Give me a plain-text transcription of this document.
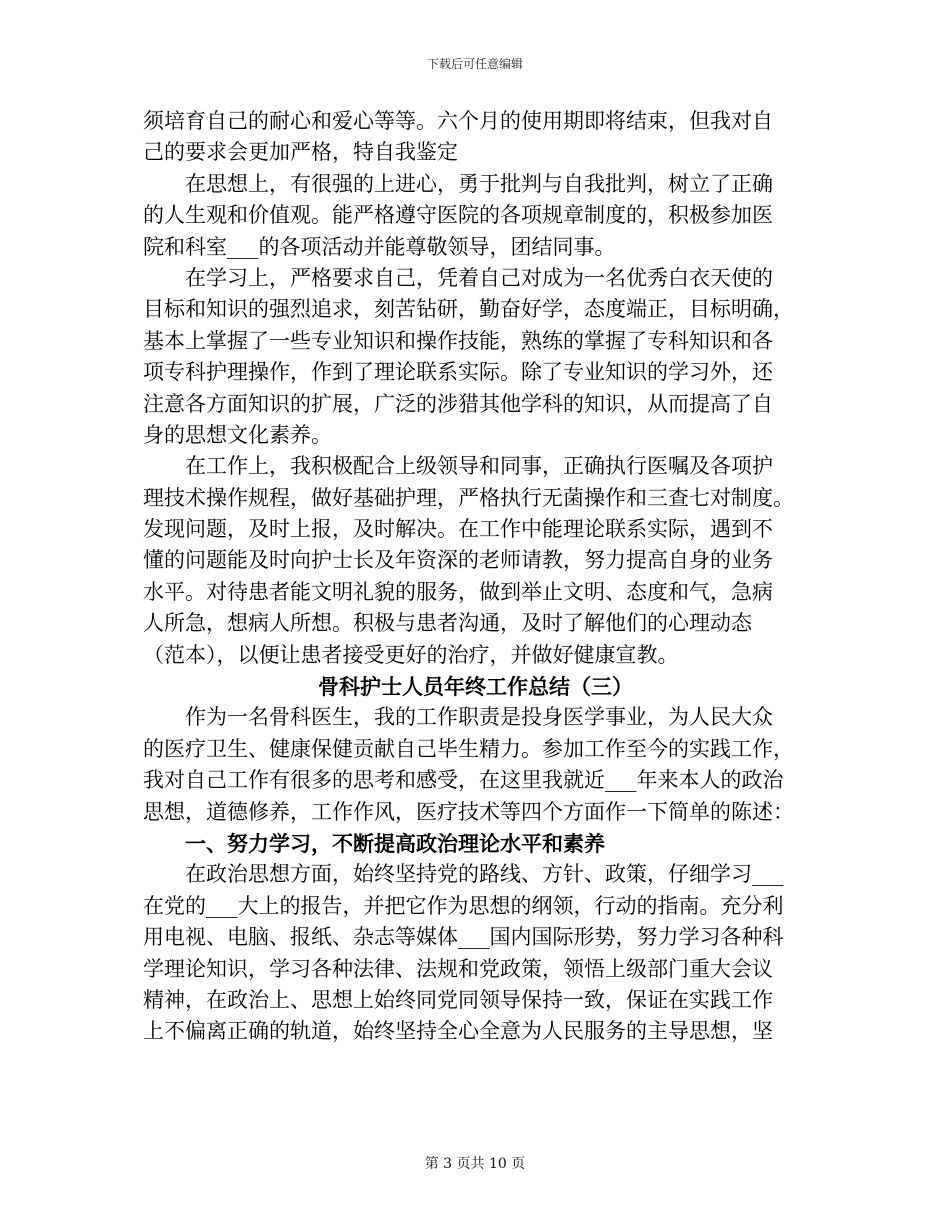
下载后可任意编辑
须培育自己的耐心和爱心等等。六个月的使用期即将结束，但我对自
己的要求会更加严格，特自我鉴定
在思想上，有很强的上进心，勇于批判与自我批判，树立了正确
的人生观和价值观。能严格遵守医院的各项规章制度的，积极参加医
院和科室___的各项活动并能尊敬领导，团结同事。
在学习上，严格要求自己，凭着自己对成为一名优秀白衣天使的
目标和知识的强烈追求，刻苦钻研，勤奋好学，态度端正，目标明确，
基本上掌握了一些专业知识和操作技能，熟练的掌握了专科知识和各
项专科护理操作，作到了理论联系实际。除了专业知识的学习外，还
注意各方面知识的扩展，广泛的涉猎其他学科的知识，从而提高了自
身的思想文化素养。
在工作上，我积极配合上级领导和同事，正确执行医嘱及各项护
理技术操作规程，做好基础护理，严格执行无菌操作和三查七对制度。
发现问题，及时上报，及时解决。在工作中能理论联系实际，遇到不
懂的问题能及时向护士长及年资深的老师请教，努力提高自身的业务
水平。对待患者能文明礼貌的服务，做到举止文明、态度和气，急病
人所急，想病人所想。积极与患者沟通，及时了解他们的心理动态
（范本），以便让患者接受更好的治疗，并做好健康宣教。
骨科护士人员年终工作总结（三）
作为一名骨科医生，我的工作职责是投身医学事业，为人民大众
的医疗卫生、健康保健贡献自己毕生精力。参加工作至今的实践工作，
我对自己工作有很多的思考和感受，在这里我就近___年来本人的政治
思想，道德修养，工作作风，医疗技术等四个方面作一下简单的陈述：
一、努力学习，不断提高政治理论水平和素养
在政治思想方面，始终坚持党的路线、方针、政策，仔细学习___
在党的___大上的报告，并把它作为思想的纲领，行动的指南。充分利
用电视、电脑、报纸、杂志等媒体___国内国际形势，努力学习各种科
学理论知识，学习各种法律、法规和党政策，领悟上级部门重大会议
精神，在政治上、思想上始终同党同领导保持一致，保证在实践工作
上不偏离正确的轨道，始终坚持全心全意为人民服务的主导思想，坚
第 3 页共 10 页
